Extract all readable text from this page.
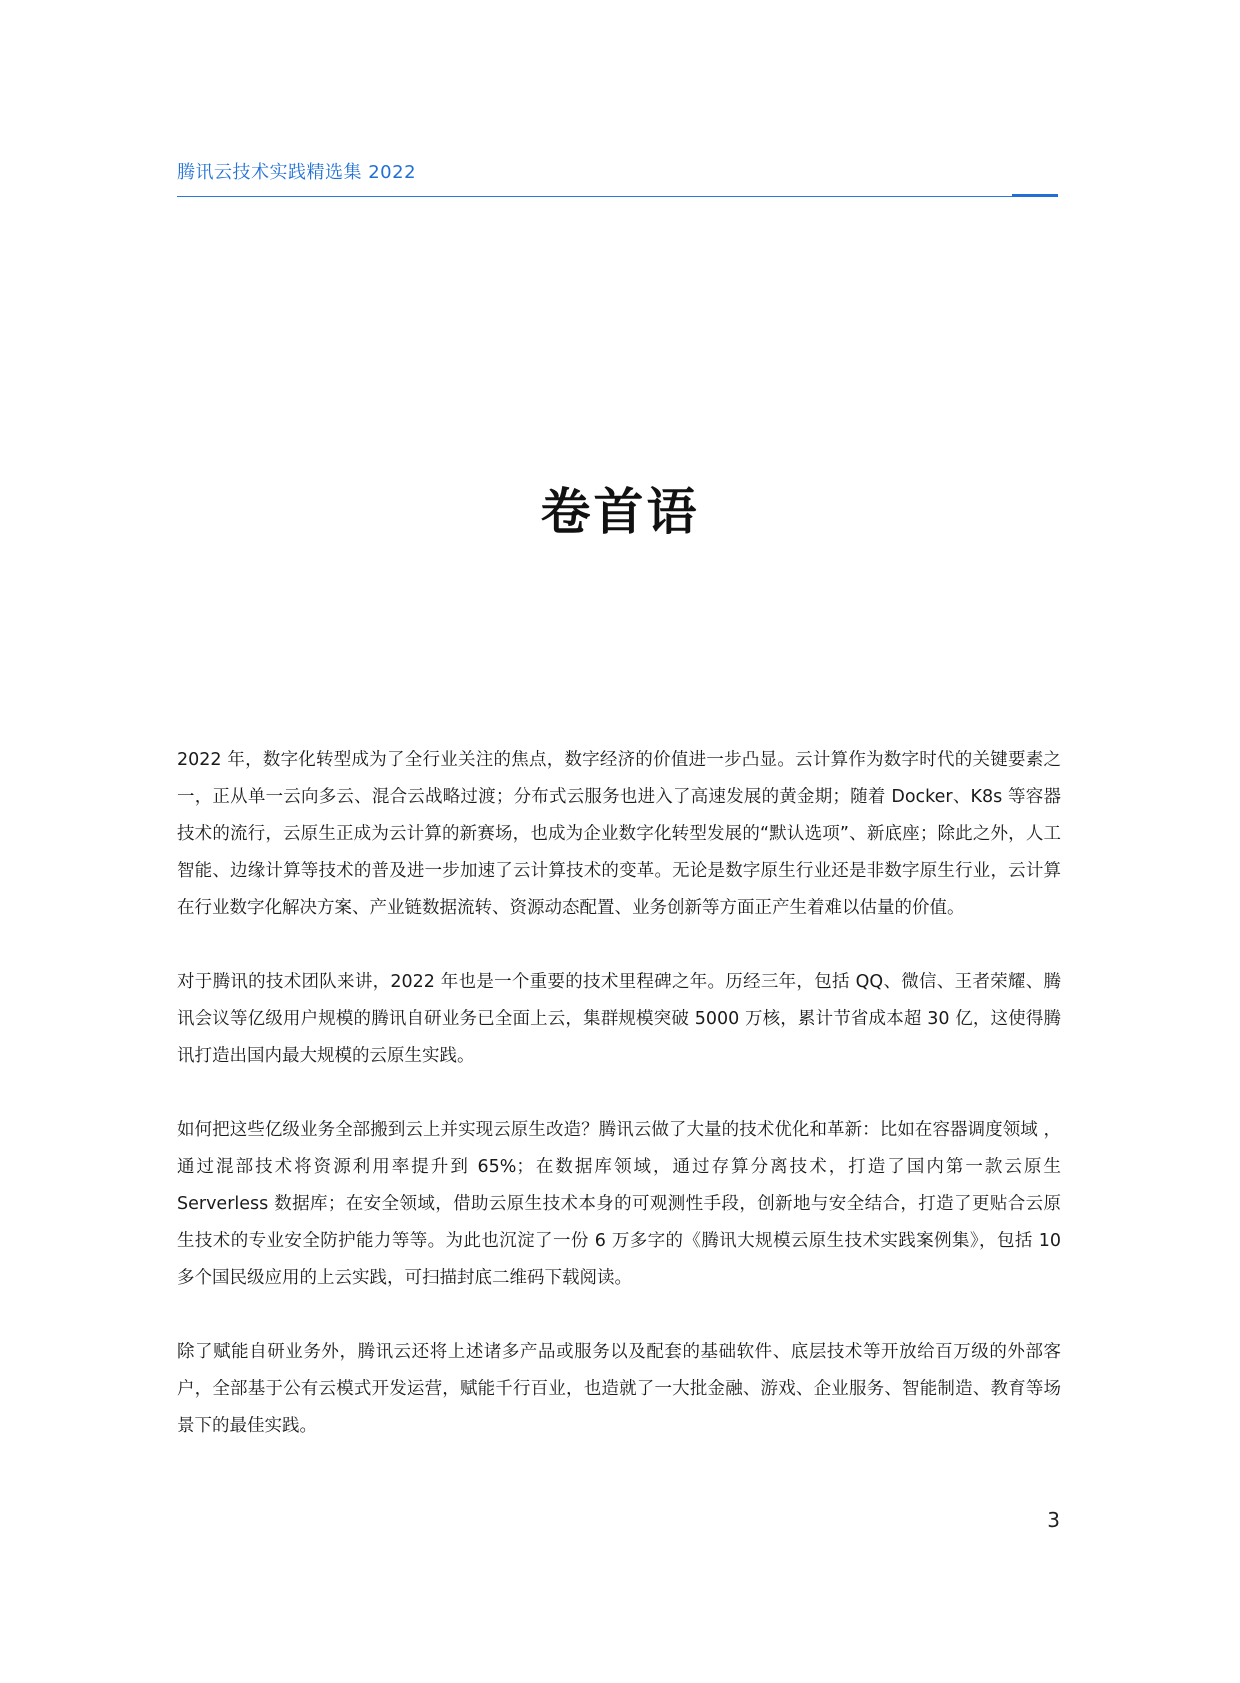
腾讯云技术实践精选集 2022
卷首语

2022 年，数字化转型成为了全行业关注的焦点，数字经济的价值进一步凸显。云计算作为数字时代的关键要素之一，正从单一云向多云、混合云战略过渡；分布式云服务也进入了高速发展的黄金期；随着 Docker、K8s 等容器技术的流行，云原生正成为云计算的新赛场，也成为企业数字化转型发展的“默认选项”、新底座；除此之外，人工智能、边缘计算等技术的普及进一步加速了云计算技术的变革。无论是数字原生行业还是非数字原生行业，云计算在行业数字化解决方案、产业链数据流转、资源动态配置、业务创新等方面正产生着难以估量的价值。

对于腾讯的技术团队来讲，2022 年也是一个重要的技术里程碑之年。历经三年，包括 QQ、微信、王者荣耀、腾讯会议等亿级用户规模的腾讯自研业务已全面上云，集群规模突破 5000 万核，累计节省成本超 30 亿，这使得腾讯打造出国内最大规模的云原生实践。

如何把这些亿级业务全部搬到云上并实现云原生改造？腾讯云做了大量的技术优化和革新：比如在容器调度领域 ，通过混部技术将资源利用率提升到 65%；在数据库领域，通过存算分离技术，打造了国内第一款云原生 Serverless 数据库；在安全领域，借助云原生技术本身的可观测性手段，创新地与安全结合，打造了更贴合云原生技术的专业安全防护能力等等。为此也沉淀了一份 6 万多字的《腾讯大规模云原生技术实践案例集》，包括 10 多个国民级应用的上云实践，可扫描封底二维码下载阅读。

除了赋能自研业务外，腾讯云还将上述诸多产品或服务以及配套的基础软件、底层技术等开放给百万级的外部客户，全部基于公有云模式开发运营，赋能千行百业，也造就了一大批金融、游戏、企业服务、智能制造、教育等场景下的最佳实践。

3
